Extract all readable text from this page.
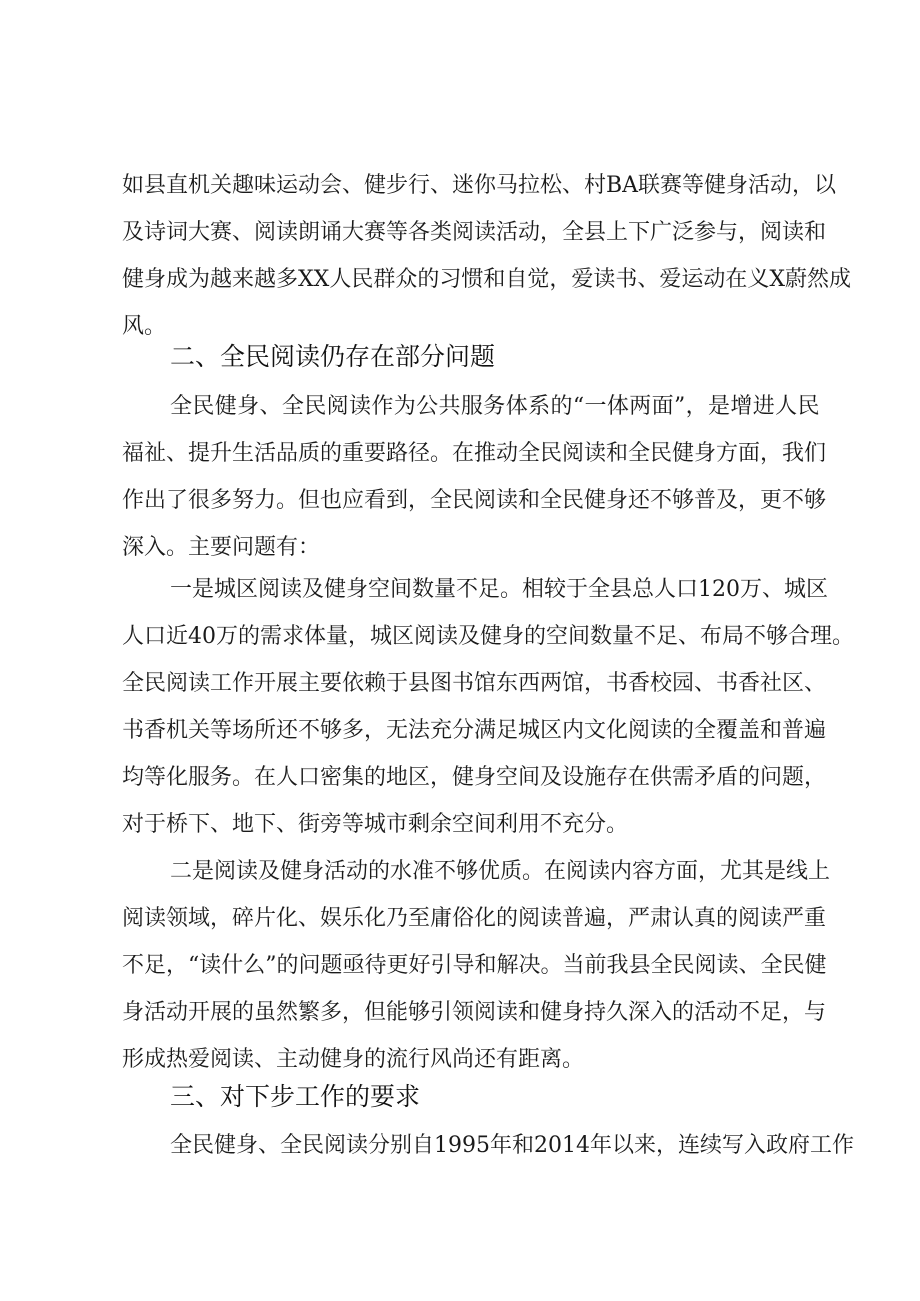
如县直机关趣味运动会、健步行、迷你马拉松、村BA联赛等健身活动，以
及诗词大赛、阅读朗诵大赛等各类阅读活动，全县上下广泛参与，阅读和
健身成为越来越多XX人民群众的习惯和自觉，爱读书、爱运动在义X蔚然成
风。
二、全民阅读仍存在部分问题
全民健身、全民阅读作为公共服务体系的“一体两面”，是增进人民
福祉、提升生活品质的重要路径。在推动全民阅读和全民健身方面，我们
作出了很多努力。但也应看到，全民阅读和全民健身还不够普及，更不够
深入。主要问题有：
一是城区阅读及健身空间数量不足。相较于全县总人口120万、城区
人口近40万的需求体量，城区阅读及健身的空间数量不足、布局不够合理。
全民阅读工作开展主要依赖于县图书馆东西两馆，书香校园、书香社区、
书香机关等场所还不够多，无法充分满足城区内文化阅读的全覆盖和普遍
均等化服务。在人口密集的地区，健身空间及设施存在供需矛盾的问题，
对于桥下、地下、街旁等城市剩余空间利用不充分。
二是阅读及健身活动的水准不够优质。在阅读内容方面，尤其是线上
阅读领域，碎片化、娱乐化乃至庸俗化的阅读普遍，严肃认真的阅读严重
不足，“读什么”的问题亟待更好引导和解决。当前我县全民阅读、全民健
身活动开展的虽然繁多，但能够引领阅读和健身持久深入的活动不足，与
形成热爱阅读、主动健身的流行风尚还有距离。
三、对下步工作的要求
全民健身、全民阅读分别自1995年和2014年以来，连续写入政府工作
